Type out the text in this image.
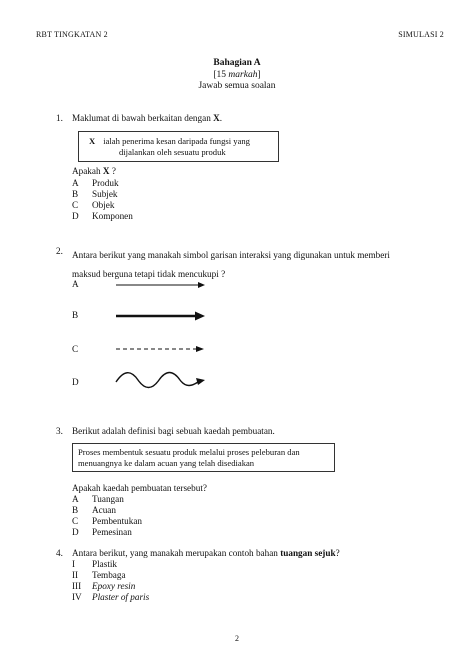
RBT TINGKATAN 2	SIMULASI 2
Bahagian A
[15 markah]
Jawab semua soalan
1. Maklumat di bawah berkaitan dengan X.
X ialah penerima kesan daripada fungsi yang
dijalankan oleh sesuatu produk
Apakah X ?
A Produk
B Subjek
C Objek
D Komponen
2. Antara berikut yang manakah simbol garisan interaksi yang digunakan untuk memberi
maksud berguna tetapi tidak mencukupi ?
A
B
C
D
3. Berikut adalah definisi bagi sebuah kaedah pembuatan.
Proses membentuk sesuatu produk melalui proses peleburan dan
menuangnya ke dalam acuan yang telah disediakan
Apakah kaedah pembuatan tersebut?
A Tuangan
B Acuan
C Pembentukan
D Pemesinan
4. Antara berikut, yang manakah merupakan contoh bahan tuangan sejuk?
I Plastik
II Tembaga
III Epoxy resin
IV Plaster of paris
2
